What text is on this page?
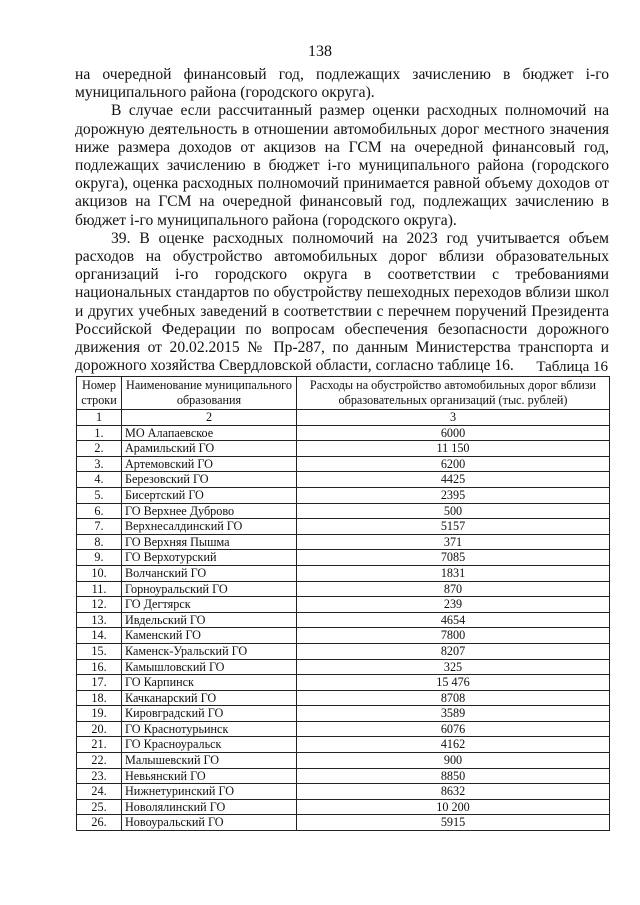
138

на очередной финансовый год, подлежащих зачислению в бюджет i-го муниципального района (городского округа).

В случае если рассчитанный размер оценки расходных полномочий на дорожную деятельность в отношении автомобильных дорог местного значения ниже размера доходов от акцизов на ГСМ на очередной финансовый год, подлежащих зачислению в бюджет i-го муниципального района (городского округа), оценка расходных полномочий принимается равной объему доходов от акцизов на ГСМ на очередной финансовый год, подлежащих зачислению в бюджет i-го муниципального района (городского округа).

39. В оценке расходных полномочий на 2023 год учитывается объем расходов на обустройство автомобильных дорог вблизи образовательных организаций i-го городского округа в соответствии с требованиями национальных стандартов по обустройству пешеходных переходов вблизи школ и других учебных заведений в соответствии с перечнем поручений Президента Российской Федерации по вопросам обеспечения безопасности дорожного движения от 20.02.2015 № Пр-287, по данным Министерства транспорта и дорожного хозяйства Свердловской области, согласно таблице 16.	Таблица 16
Номер строки	Наименование муниципального образования	Расходы на обустройство автомобильных дорог вблизи образовательных организаций (тыс. рублей)
1	2	3
1.	МО Алапаевское	6000
2.	Арамильский ГО	11 150
3.	Артемовский ГО	6200
4.	Березовский ГО	4425
5.	Бисертский ГО	2395
6.	ГО Верхнее Дуброво	500
7.	Верхнесалдинский ГО	5157
8.	ГО Верхняя Пышма	371
9.	ГО Верхотурский	7085
10.	Волчанский ГО	1831
11.	Горноуральский ГО	870
12.	ГО Дегтярск	239
13.	Ивдельский ГО	4654
14.	Каменский ГО	7800
15.	Каменск-Уральский ГО	8207
16.	Камышловский ГО	325
17.	ГО Карпинск	15 476
18.	Качканарский ГО	8708
19.	Кировградский ГО	3589
20.	ГО Краснотурьинск	6076
21.	ГО Красноуральск	4162
22.	Малышевский ГО	900
23.	Невьянский ГО	8850
24.	Нижнетуринский ГО	8632
25.	Новолялинский ГО	10 200
26.	Новоуральский ГО	5915
